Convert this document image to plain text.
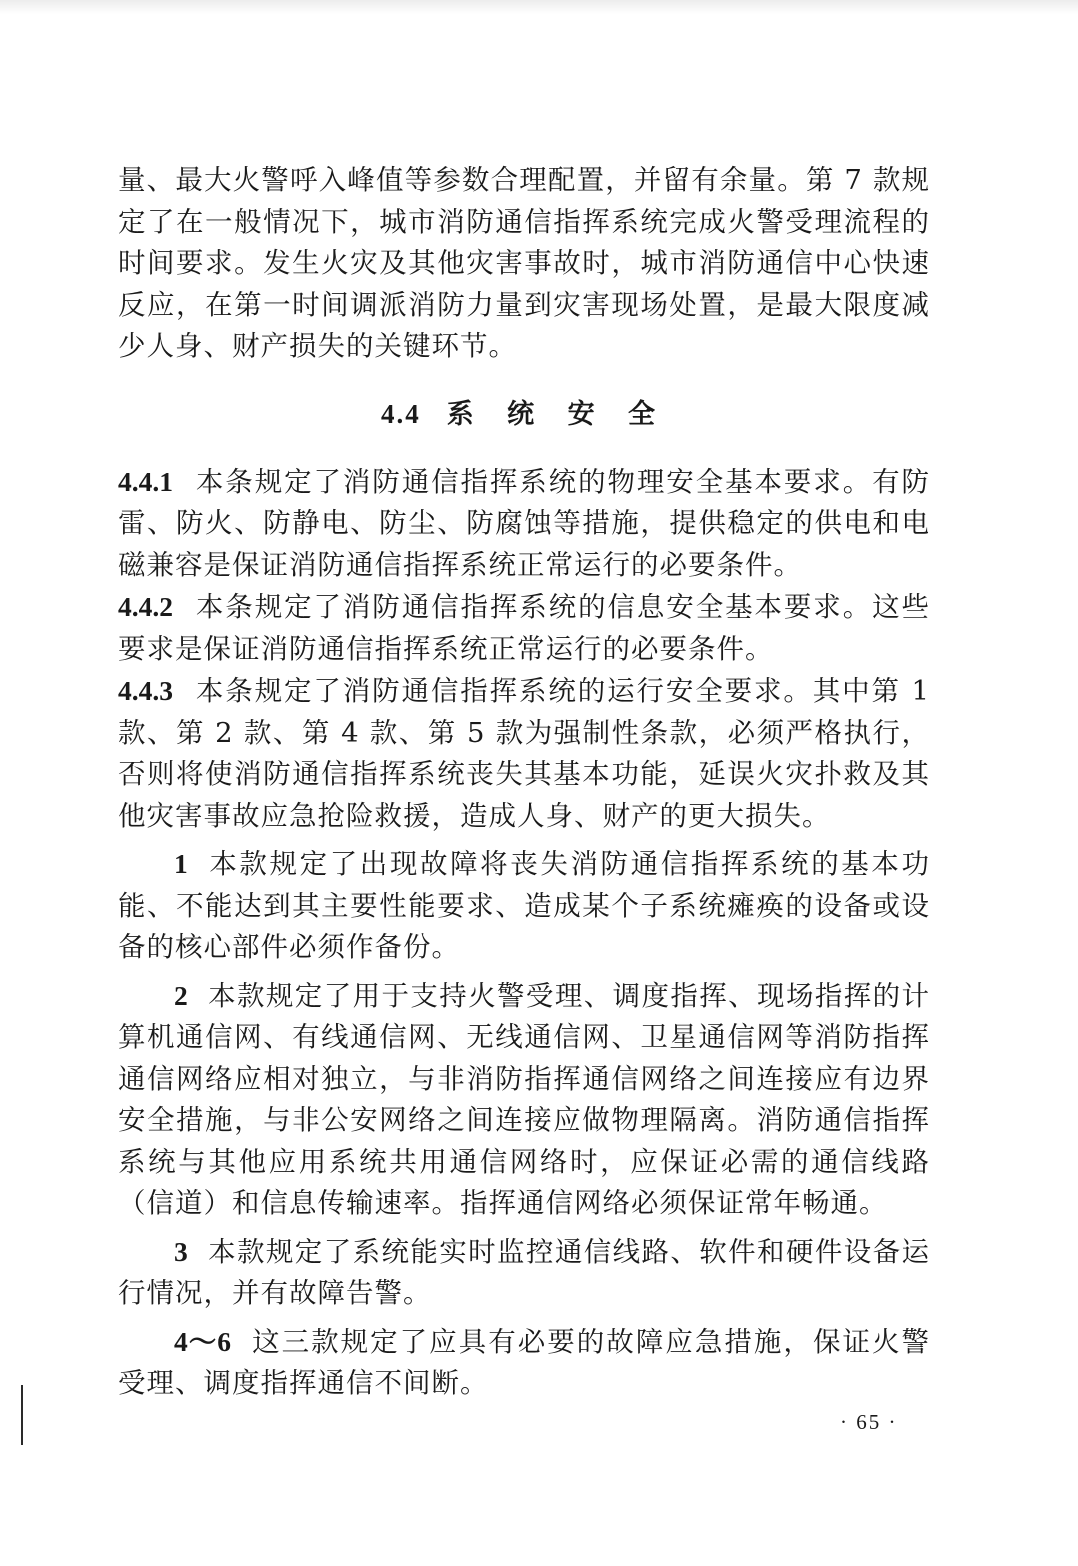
量、最大火警呼入峰值等参数合理配置，并留有余量。第 7 款规定了在一般情况下，城市消防通信指挥系统完成火警受理流程的时间要求。发生火灾及其他灾害事故时，城市消防通信中心快速反应，在第一时间调派消防力量到灾害现场处置，是最大限度减少人身、财产损失的关键环节。

4.4 系 统 安 全

4.4.1 本条规定了消防通信指挥系统的物理安全基本要求。有防雷、防火、防静电、防尘、防腐蚀等措施，提供稳定的供电和电磁兼容是保证消防通信指挥系统正常运行的必要条件。

4.4.2 本条规定了消防通信指挥系统的信息安全基本要求。这些要求是保证消防通信指挥系统正常运行的必要条件。

4.4.3 本条规定了消防通信指挥系统的运行安全要求。其中第 1 款、第 2 款、第 4 款、第 5 款为强制性条款，必须严格执行，否则将使消防通信指挥系统丧失其基本功能，延误火灾扑救及其他灾害事故应急抢险救援，造成人身、财产的更大损失。

1 本款规定了出现故障将丧失消防通信指挥系统的基本功能、不能达到其主要性能要求、造成某个子系统瘫痪的设备或设备的核心部件必须作备份。

2 本款规定了用于支持火警受理、调度指挥、现场指挥的计算机通信网、有线通信网、无线通信网、卫星通信网等消防指挥通信网络应相对独立，与非消防指挥通信网络之间连接应有边界安全措施，与非公安网络之间连接应做物理隔离。消防通信指挥系统与其他应用系统共用通信网络时，应保证必需的通信线路（信道）和信息传输速率。指挥通信网络必须保证常年畅通。

3 本款规定了系统能实时监控通信线路、软件和硬件设备运行情况，并有故障告警。

4～6 这三款规定了应具有必要的故障应急措施，保证火警受理、调度指挥通信不间断。

· 65 ·
